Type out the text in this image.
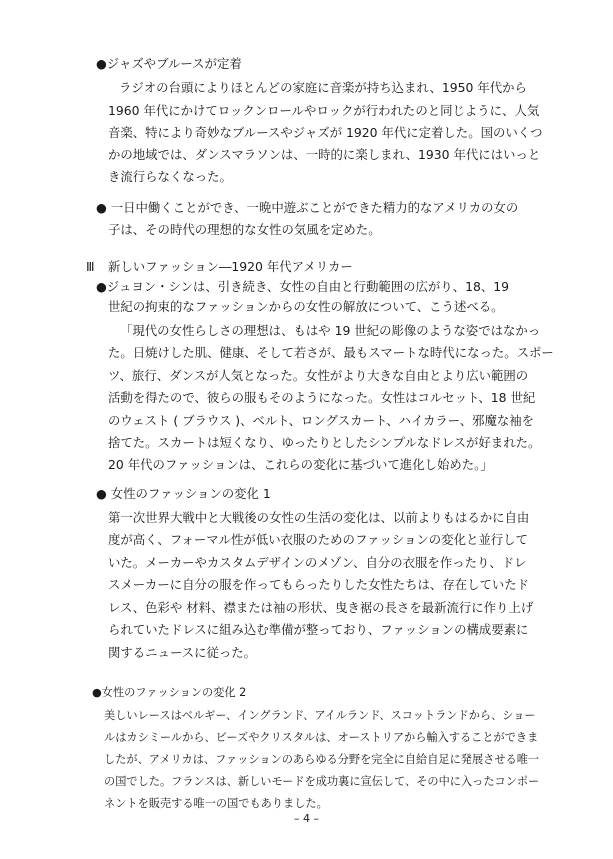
●ジャズやブルースが定着
ラジオの台頭によりほとんどの家庭に音楽が持ち込まれ、1950 年代から
1960 年代にかけてロックンロールやロックが行われたのと同じように、人気
音楽、特により奇妙なブルースやジャズが 1920 年代に定着した。国のいくつ
かの地域では、ダンスマラソンは、一時的に楽しまれ、1930 年代にはいっと
き流行らなくなった。
● 一日中働くことができ、一晩中遊ぶことができた精力的なアメリカの女の
子は、その時代の理想的な女性の気風を定めた。
Ⅲ 新しいファッション―1920 年代アメリカー
●ジュヨン・シンは、引き続き、女性の自由と行動範囲の広がり、18、19
世紀の拘束的なファッションからの女性の解放について、こう述べる。
「現代の女性らしさの理想は、もはや 19 世紀の彫像のような姿ではなかっ
た。日焼けした肌、健康、そして若さが、最もスマートな時代になった。スポー
ツ、旅行、ダンスが人気となった。女性がより大きな自由とより広い範囲の
活動を得たので、彼らの服もそのようになった。女性はコルセット、18 世紀
のウェスト ( ブラウス )、ベルト、ロングスカート、ハイカラー、邪魔な袖を
捨てた。スカートは短くなり、ゆったりとしたシンプルなドレスが好まれた。
20 年代のファッションは、これらの変化に基づいて進化し始めた。」
● 女性のファッションの変化 1
第一次世界大戦中と大戦後の女性の生活の変化は、以前よりもはるかに自由
度が高く、フォーマル性が低い衣服のためのファッションの変化と並行して
いた。メーカーやカスタムデザインのメゾン、自分の衣服を作ったり、ドレ
スメーカーに自分の服を作ってもらったりした女性たちは、存在していたド
レス、色彩や 材料、襟または袖の形状、曳き裾の長さを最新流行に作り上げ
られていたドレスに組み込む準備が整っており、ファッションの構成要素に
関するニュースに従った。
●女性のファッションの変化 2
美しいレースはベルギー、イングランド、アイルランド、スコットランドから、ショー
ルはカシミールから、ビーズやクリスタルは、オーストリアから輸入することができま
したが、アメリカは、ファッションのあらゆる分野を完全に自給自足に発展させる唯一
の国でした。フランスは、新しいモードを成功裏に宣伝して、その中に入ったコンポー
ネントを販売する唯一の国でもありました。
– 4 –
